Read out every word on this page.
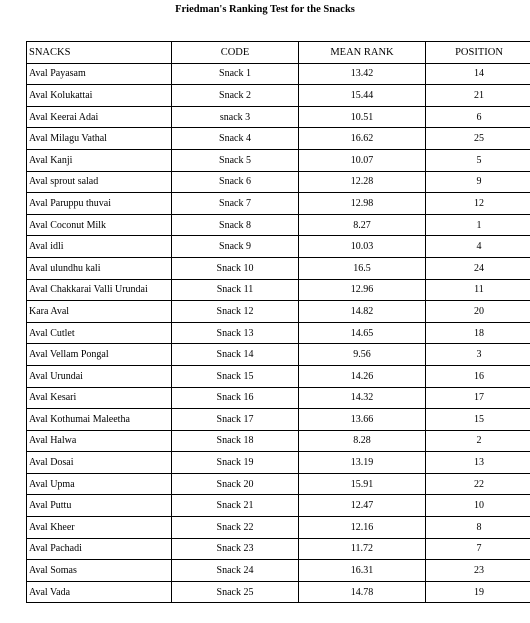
Friedman's Ranking Test for the Snacks
SNACKS	CODE	MEAN RANK	POSITION
Aval Payasam	Snack 1	13.42	14
Aval Kolukattai	Snack 2	15.44	21
Aval Keerai Adai	snack 3	10.51	6
Aval Milagu Vathal	Snack 4	16.62	25
Aval Kanji	Snack 5	10.07	5
Aval sprout salad	Snack 6	12.28	9
Aval Paruppu thuvai	Snack 7	12.98	12
Aval Coconut Milk	Snack 8	8.27	1
Aval idli	Snack 9	10.03	4
Aval ulundhu kali	Snack 10	16.5	24
Aval Chakkarai Valli Urundai	Snack 11	12.96	11
Kara Aval	Snack 12	14.82	20
Aval Cutlet	Snack 13	14.65	18
Aval Vellam Pongal	Snack 14	9.56	3
Aval Urundai	Snack 15	14.26	16
Aval Kesari	Snack 16	14.32	17
Aval Kothumai Maleetha	Snack 17	13.66	15
Aval Halwa	Snack 18	8.28	2
Aval Dosai	Snack 19	13.19	13
Aval Upma	Snack 20	15.91	22
Aval Puttu	Snack 21	12.47	10
Aval Kheer	Snack 22	12.16	8
Aval Pachadi	Snack 23	11.72	7
Aval Somas	Snack 24	16.31	23
Aval Vada	Snack 25	14.78	19
